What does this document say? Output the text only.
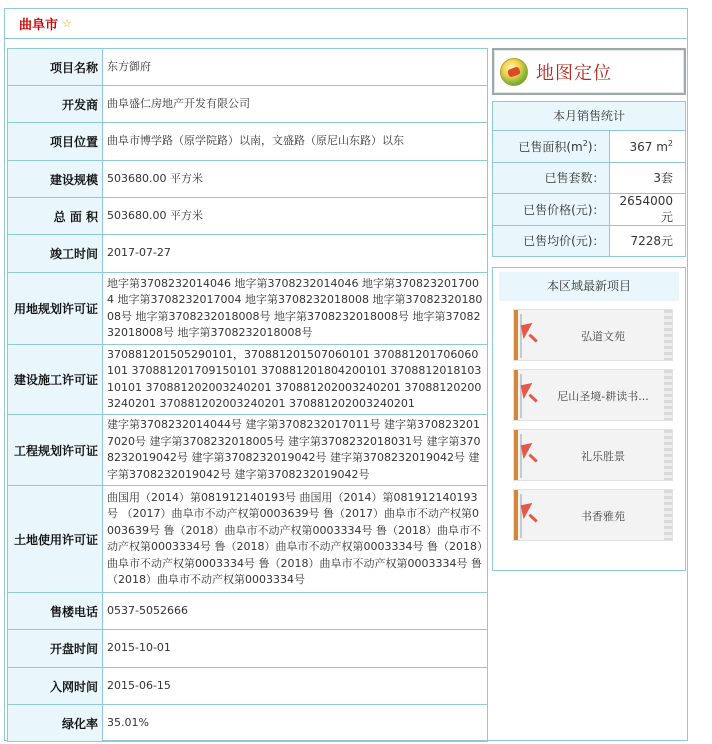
曲阜市 ☆
项目名称	东方御府
开发商	曲阜盛仁房地产开发有限公司
项目位置	曲阜市博学路（原学院路）以南，文盛路（原尼山东路）以东
建设规模	503680.00 平方米
总 面 积	503680.00 平方米
竣工时间	2017-07-27
用地规划许可证	地字第3708232014046 地字第3708232014046 地字第3708232017004 地字第3708232017004 地字第3708232018008 地字第3708232018008号 地字第3708232018008号 地字第3708232018008号 地字第3708232018008号 地字第3708232018008号
建设施工许可证	370881201505290101，370881201507060101 370881201706060101 370881201709150101 370881201804200101 370881201810310101 370881202003240201 370881202003240201 370881202003240201 370881202003240201 370881202003240201
工程规划许可证	建字第3708232014044号 建字第3708232017011号 建字第3708232017020号 建字第3708232018005号 建字第3708232018031号 建字第3708232019042号 建字第3708232019042号 建字第3708232019042号 建字第3708232019042号 建字第3708232019042号
土地使用许可证	曲国用（2014）第081912140193号 曲国用（2014）第081912140193号 （2017）曲阜市不动产权第0003639号 鲁（2017）曲阜市不动产权第0003639号 鲁（2018）曲阜市不动产权第0003334号 鲁（2018）曲阜市不动产权第0003334号 鲁（2018）曲阜市不动产权第0003334号 鲁（2018）曲阜市不动产权第0003334号 鲁（2018）曲阜市不动产权第0003334号 鲁（2018）曲阜市不动产权第0003334号
售楼电话	0537-5052666
开盘时间	2015-10-01
入网时间	2015-06-15
绿化率	35.01%
地图定位
本月销售统计
已售面积$(m^2)$：	367 $m^2$
已售套数：	3套
已售价格(元)：	2654000元
已售均价(元)：	7228元
本区域最新项目
弘道文苑
尼山圣境-耕读书...
礼乐胜景
书香雅苑
